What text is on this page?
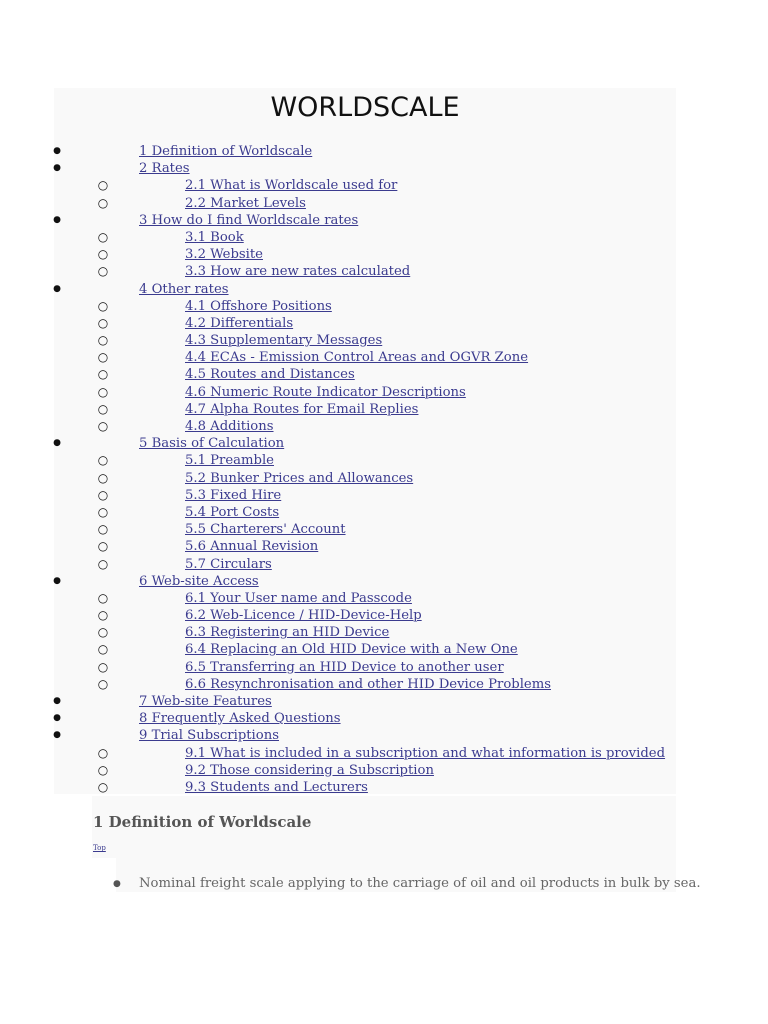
WORLDSCALE
●	1 Definition of Worldscale
●	2 Rates
○	2.1 What is Worldscale used for
○	2.2 Market Levels
●	3 How do I find Worldscale rates
○	3.1 Book
○	3.2 Website
○	3.3 How are new rates calculated
●	4 Other rates
○	4.1 Offshore Positions
○	4.2 Differentials
○	4.3 Supplementary Messages
○	4.4 ECAs - Emission Control Areas and OGVR Zone
○	4.5 Routes and Distances
○	4.6 Numeric Route Indicator Descriptions
○	4.7 Alpha Routes for Email Replies
○	4.8 Additions
●	5 Basis of Calculation
○	5.1 Preamble
○	5.2 Bunker Prices and Allowances
○	5.3 Fixed Hire
○	5.4 Port Costs
○	5.5 Charterers' Account
○	5.6 Annual Revision
○	5.7 Circulars
●	6 Web-site Access
○	6.1 Your User name and Passcode
○	6.2 Web-Licence / HID-Device-Help
○	6.3 Registering an HID Device
○	6.4 Replacing an Old HID Device with a New One
○	6.5 Transferring an HID Device to another user
○	6.6 Resynchronisation and other HID Device Problems
●	7 Web-site Features
●	8 Frequently Asked Questions
●	9 Trial Subscriptions
○	9.1 What is included in a subscription and what information is provided
○	9.2 Those considering a Subscription
○	9.3 Students and Lecturers
1 Definition of Worldscale
Top
● Nominal freight scale applying to the carriage of oil and oil products in bulk by sea.
